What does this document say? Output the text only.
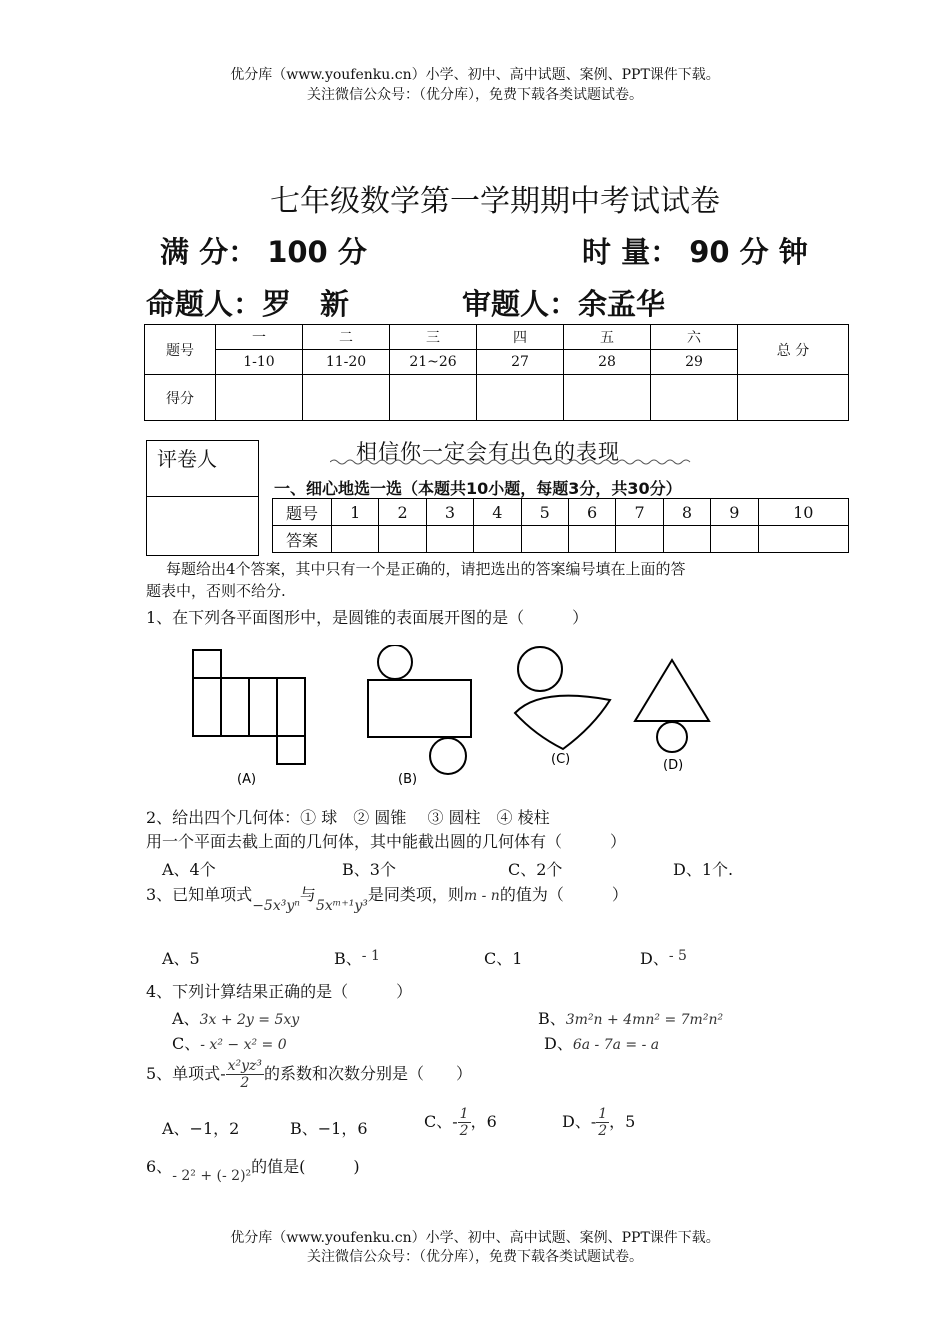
优分库（www.youfenku.cn）小学、初中、高中试题、案例、PPT课件下载。
关注微信公众号：（优分库），免费下载各类试题试卷。
七年级数学第一学期期中考试试卷
满 分： 100 分	时 量： 90 分 钟
命题人：罗　新	审题人：余孟华
题号	一	二	三	四	五	六	总 分
	1-10	11-20	21~26	27	28	29	
得分							
评卷人	相信你一定会有出色的表现
一、细心地选一选（本题共10小题，每题3分，共30分）
题号	1	2	3	4	5	6	7	8	9	10
答案										
每题给出4个答案，其中只有一个是正确的，请把选出的答案编号填在上面的答
题表中，否则不给分.
1、在下列各平面图形中，是圆锥的表面展开图的是（　　　）
(A)	(B)
(C)	(D)
2、给出四个几何体：① 球　② 圆锥　 ③ 圆柱　④ 棱柱
用一个平面去截上面的几何体，其中能截出圆的几何体有（　　　）
A、4个	B、3个	C、2个	D、1个.
3、已知单项式−5x³yⁿ与5xᵐ⁺¹y³是同类项，则m - n的值为（　　　）
A、5	B、- 1	C、1	D、- 5
4、下列计算结果正确的是（　　　）
A、3x + 2y = 5xy	B、3m²n + 4mn² = 7m²n²
C、- x² − x² = 0	D、6a - 7a = - a
5、单项式- $\frac{\text{x²yz³}}{2}$ 的系数和次数分别是（　　）
A、−1，2	B、−1，6	C、- $\frac{1}{2}$ ，6	D、- $\frac{1}{2}$ ，5
6、- 2² + (- 2)²的值是(　　　)
优分库（www.youfenku.cn）小学、初中、高中试题、案例、PPT课件下载。
关注微信公众号：（优分库），免费下载各类试题试卷。
